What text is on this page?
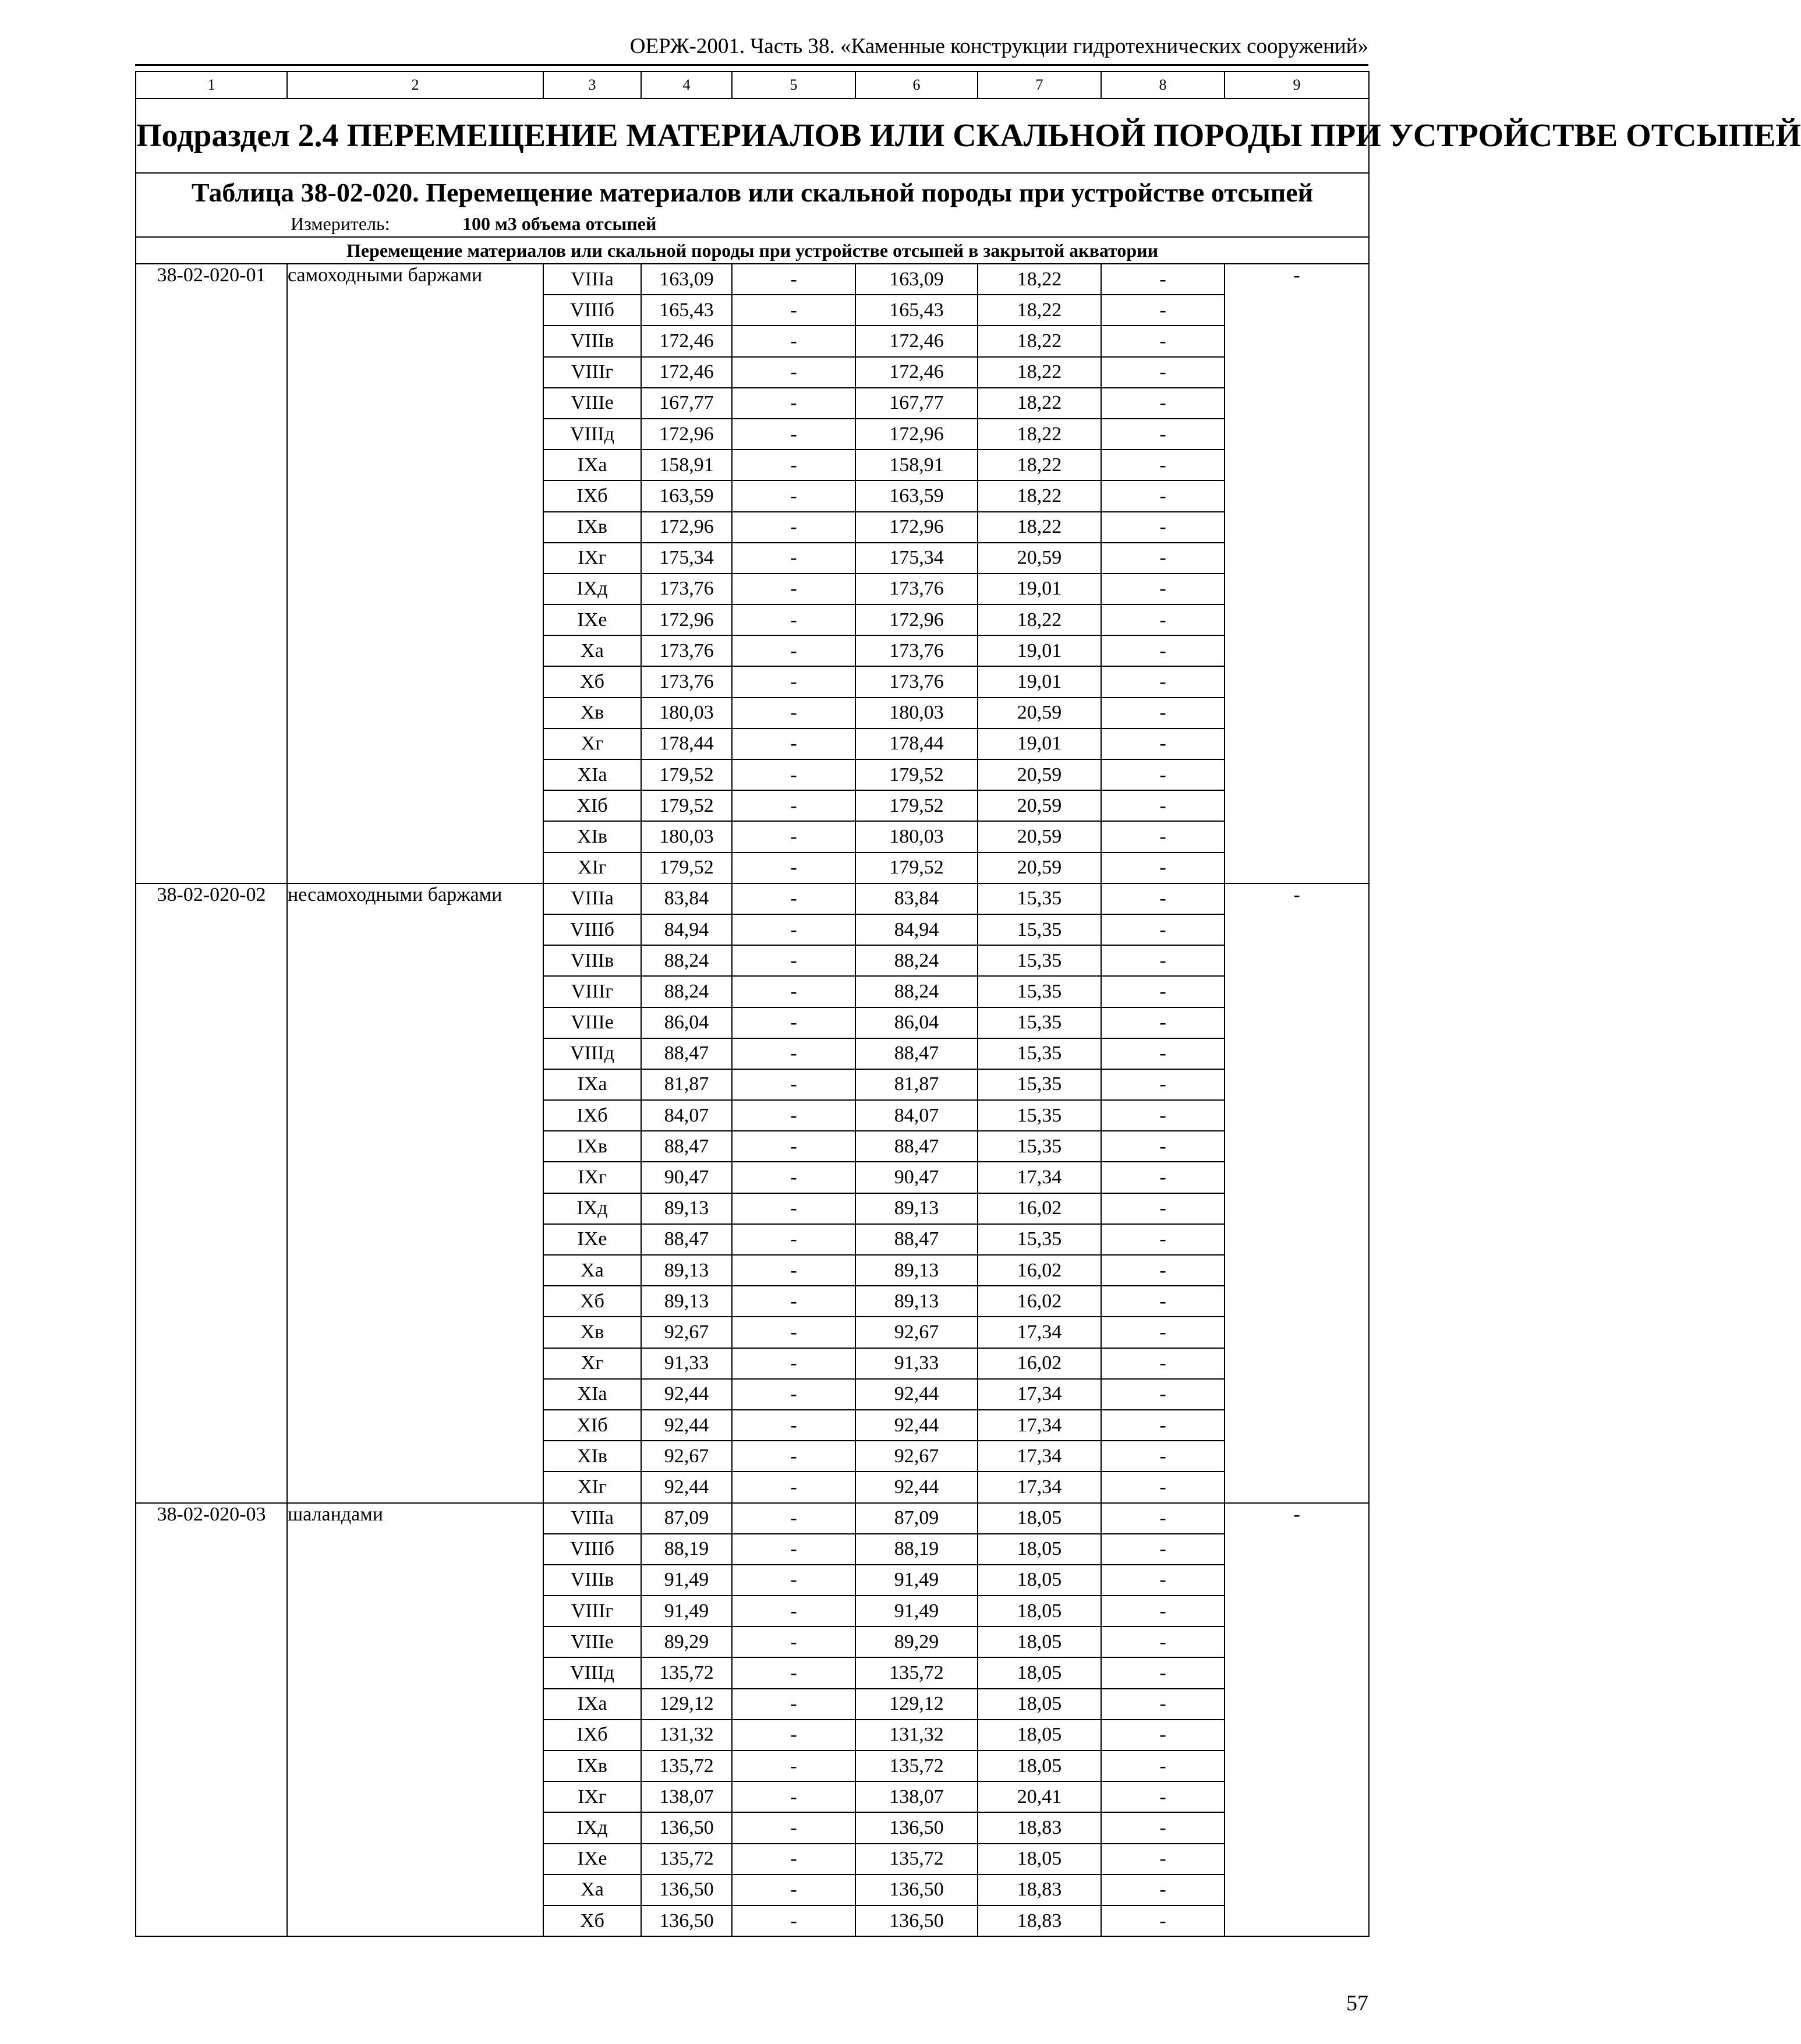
ОЕРЖ-2001. Часть 38. «Каменные конструкции гидротехнических сооружений»
1	2	3	4	5	6	7	8	9
Подраздел 2.4 ПЕРЕМЕЩЕНИЕ МАТЕРИАЛОВ ИЛИ СКАЛЬНОЙ ПОРОДЫ ПРИ УСТРОЙСТВЕ ОТСЫПЕЙ								
Таблица 38-02-020. Перемещение материалов или скальной породы при устройстве отсыпей								
Измеритель: 100 м3 объема отсыпей								
Перемещение материалов или скальной породы при устройстве отсыпей в закрытой акватории								
38-02-020-01	самоходными баржами	VIIIа	163,09	-	163,09	18,22	-	-
		VIIIб	165,43	-	165,43	18,22	-	
		VIIIв	172,46	-	172,46	18,22	-	
		VIIIг	172,46	-	172,46	18,22	-	
		VIIIе	167,77	-	167,77	18,22	-	
		VIIIд	172,96	-	172,96	18,22	-	
		IXа	158,91	-	158,91	18,22	-	
		IXб	163,59	-	163,59	18,22	-	
		IXв	172,96	-	172,96	18,22	-	
		IXг	175,34	-	175,34	20,59	-	
		IXд	173,76	-	173,76	19,01	-	
		IXе	172,96	-	172,96	18,22	-	
		Xа	173,76	-	173,76	19,01	-	
		Xб	173,76	-	173,76	19,01	-	
		Xв	180,03	-	180,03	20,59	-	
		Xг	178,44	-	178,44	19,01	-	
		XIа	179,52	-	179,52	20,59	-	
		XIб	179,52	-	179,52	20,59	-	
		XIв	180,03	-	180,03	20,59	-	
		XIг	179,52	-	179,52	20,59	-	
38-02-020-02	несамоходными баржами	VIIIа	83,84	-	83,84	15,35	-	-
		VIIIб	84,94	-	84,94	15,35	-	
		VIIIв	88,24	-	88,24	15,35	-	
		VIIIг	88,24	-	88,24	15,35	-	
		VIIIе	86,04	-	86,04	15,35	-	
		VIIIд	88,47	-	88,47	15,35	-	
		IXа	81,87	-	81,87	15,35	-	
		IXб	84,07	-	84,07	15,35	-	
		IXв	88,47	-	88,47	15,35	-	
		IXг	90,47	-	90,47	17,34	-	
		IXд	89,13	-	89,13	16,02	-	
		IXе	88,47	-	88,47	15,35	-	
		Xа	89,13	-	89,13	16,02	-	
		Xб	89,13	-	89,13	16,02	-	
		Xв	92,67	-	92,67	17,34	-	
		Xг	91,33	-	91,33	16,02	-	
		XIа	92,44	-	92,44	17,34	-	
		XIб	92,44	-	92,44	17,34	-	
		XIв	92,67	-	92,67	17,34	-	
		XIг	92,44	-	92,44	17,34	-	
38-02-020-03	шаландами	VIIIа	87,09	-	87,09	18,05	-	-
		VIIIб	88,19	-	88,19	18,05	-	
		VIIIв	91,49	-	91,49	18,05	-	
		VIIIг	91,49	-	91,49	18,05	-	
		VIIIе	89,29	-	89,29	18,05	-	
		VIIIд	135,72	-	135,72	18,05	-	
		IXа	129,12	-	129,12	18,05	-	
		IXб	131,32	-	131,32	18,05	-	
		IXв	135,72	-	135,72	18,05	-	
		IXг	138,07	-	138,07	20,41	-	
		IXд	136,50	-	136,50	18,83	-	
		IXе	135,72	-	135,72	18,05	-	
		Xа	136,50	-	136,50	18,83	-	
		Xб	136,50	-	136,50	18,83	-	
57
